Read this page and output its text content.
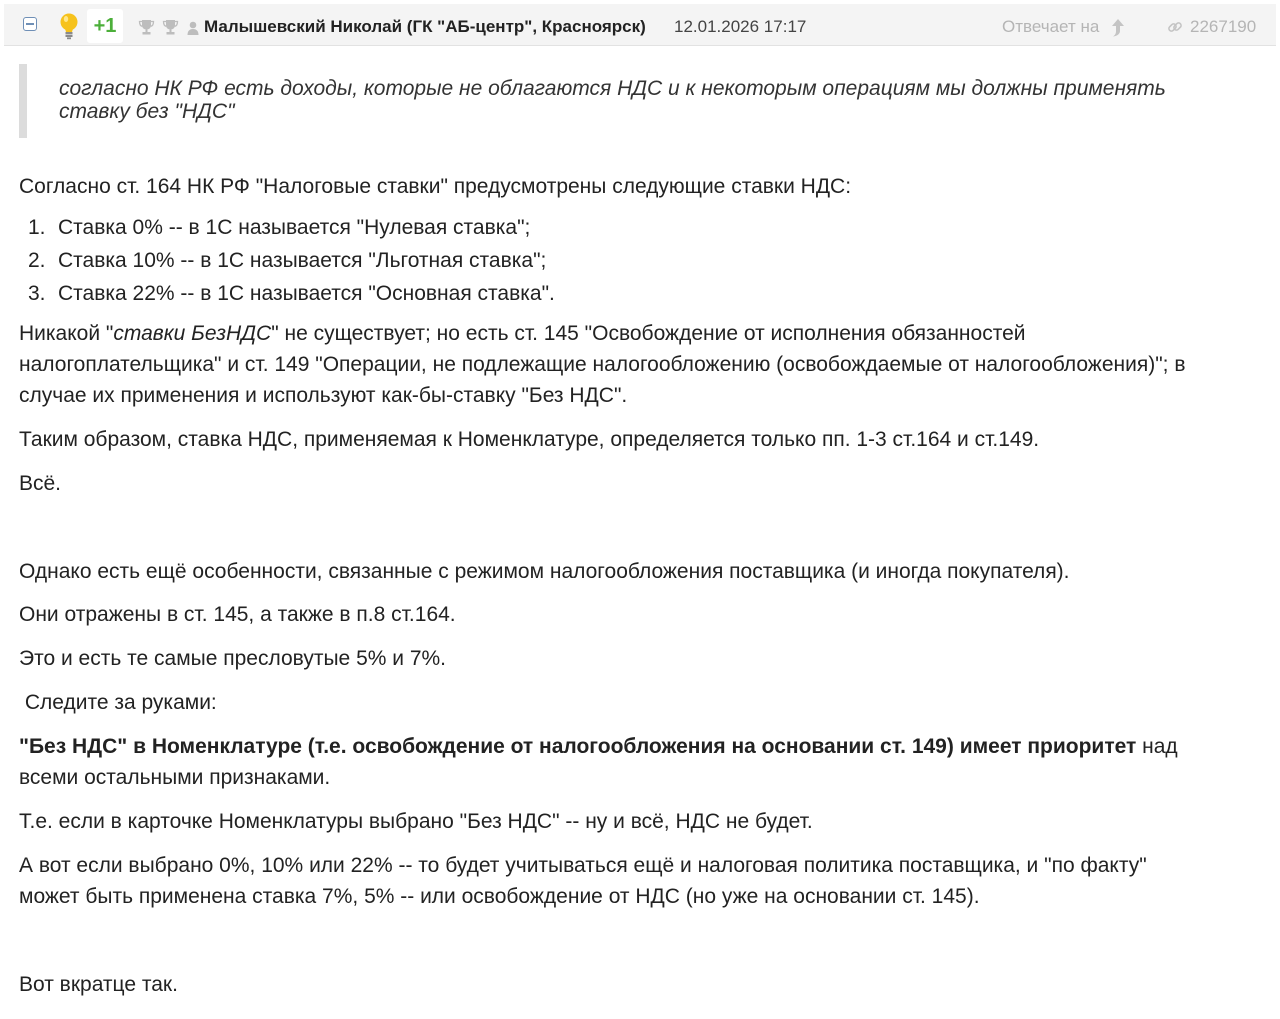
+1	Малышевский Николай (ГК "АБ-центр", Красноярск) 12.01.2026 17:17	Отвечает на	2267190
согласно НК РФ есть доходы, которые не облагаются НДС и к некоторым операциям мы должны применять ставку без "НДС"
Согласно ст. 164 НК РФ "Налоговые ставки" предусмотрены следующие ставки НДС:
1. Ставка 0% -- в 1С называется "Нулевая ставка";
2. Ставка 10% -- в 1С называется "Льготная ставка";
3. Ставка 22% -- в 1С называется "Основная ставка".
Никакой "ставки БезНДС" не существует; но есть ст. 145 "Освобождение от исполнения обязанностей
налогоплательщика" и ст. 149 "Операции, не подлежащие налогообложению (освобождаемые от налогообложения)"; в
случае их применения и используют как-бы-ставку "Без НДС".
Таким образом, ставка НДС, применяемая к Номенклатуре, определяется только пп. 1-3 ст.164 и ст.149.
Всё.
Однако есть ещё особенности, связанные с режимом налогообложения поставщика (и иногда покупателя).
Они отражены в ст. 145, а также в п.8 ст.164.
Это и есть те самые пресловутые 5% и 7%.
Следите за руками:
"Без НДС" в Номенклатуре (т.е. освобождение от налогообложения на основании ст. 149) имеет приоритет над
всеми остальными признаками.
Т.е. если в карточке Номенклатуры выбрано "Без НДС" -- ну и всё, НДС не будет.
А вот если выбрано 0%, 10% или 22% -- то будет учитываться ещё и налоговая политика поставщика, и "по факту"
может быть применена ставка 7%, 5% -- или освобождение от НДС (но уже на основании ст. 145).
Вот вкратце так.
